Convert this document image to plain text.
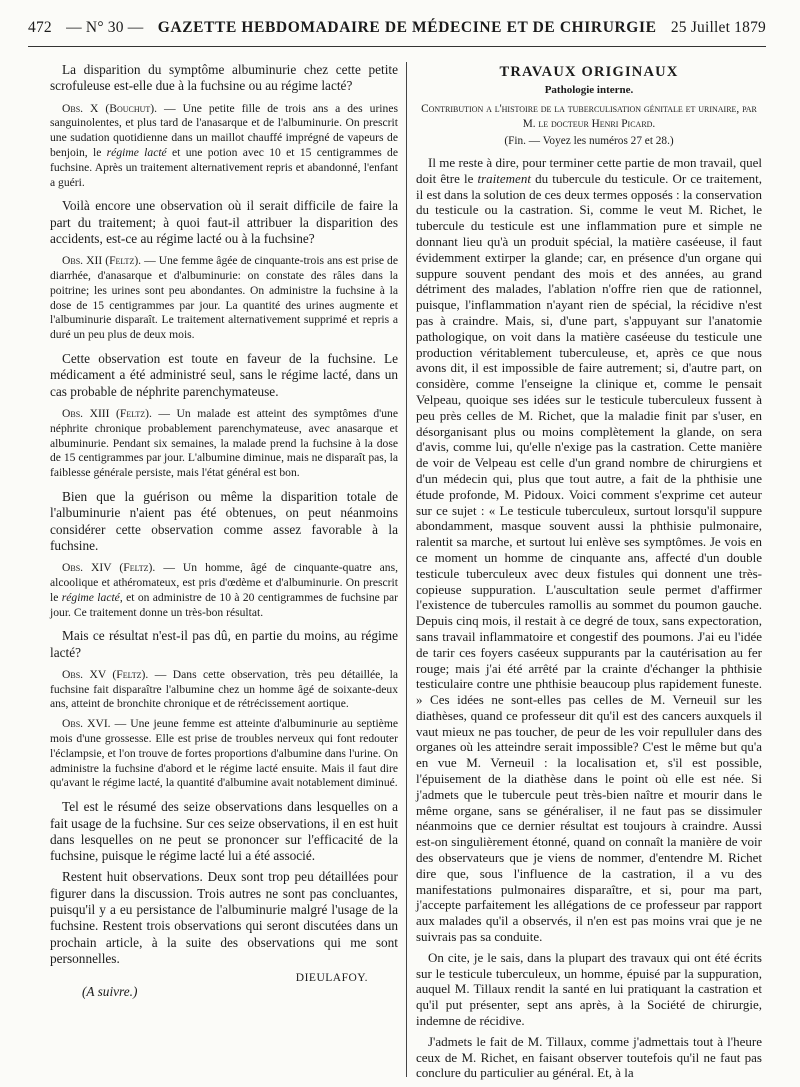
472 — N° 30 — GAZETTE HEBDOMADAIRE DE MÉDECINE ET DE CHIRURGIE 25 Juillet 1879

La disparition du symptôme albuminurie chez cette petite scrofuleuse est-elle due à la fuchsine ou au régime lacté?

Obs. X (Bouchut). — Une petite fille de trois ans a des urines sanguinolentes, et plus tard de l'anasarque et de l'albuminurie. On prescrit une sudation quotidienne dans un maillot chauffé imprégné de vapeurs de benjoin, le régime lacté et une potion avec 10 et 15 centigrammes de fuchsine. Après un traitement alternativement repris et abandonné, l'enfant a guéri.

Voilà encore une observation où il serait difficile de faire la part du traitement; à quoi faut-il attribuer la disparition des accidents, est-ce au régime lacté ou à la fuchsine?

Obs. XII (Feltz). — Une femme âgée de cinquante-trois ans est prise de diarrhée, d'anasarque et d'albuminurie: on constate des râles dans la poitrine; les urines sont peu abondantes. On administre la fuchsine à la dose de 15 centigrammes par jour. La quantité des urines augmente et l'albuminurie disparaît. Le traitement alternativement supprimé et repris a duré un peu plus de deux mois.

Cette observation est toute en faveur de la fuchsine. Le médicament a été administré seul, sans le régime lacté, dans un cas probable de néphrite parenchymateuse.

Obs. XIII (Feltz). — Un malade est atteint des symptômes d'une néphrite chronique probablement parenchymateuse, avec anasarque et albuminurie. Pendant six semaines, la malade prend la fuchsine à la dose de 15 centigrammes par jour. L'albumine diminue, mais ne disparaît pas, la faiblesse générale persiste, mais l'état général est bon.

Bien que la guérison ou même la disparition totale de l'albuminurie n'aient pas été obtenues, on peut néanmoins considérer cette observation comme assez favorable à la fuchsine.

Obs. XIV (Feltz). — Un homme, âgé de cinquante-quatre ans, alcoolique et athéromateux, est pris d'œdème et d'albuminurie. On prescrit le régime lacté, et on administre de 10 à 20 centigrammes de fuchsine par jour. Ce traitement donne un très-bon résultat.

Mais ce résultat n'est-il pas dû, en partie du moins, au régime lacté?

Obs. XV (Feltz). — Dans cette observation, très peu détaillée, la fuchsine fait disparaître l'albumine chez un homme âgé de soixante-deux ans, atteint de bronchite chronique et de rétrécissement aortique.

Obs. XVI. — Une jeune femme est atteinte d'albuminurie au septième mois d'une grossesse. Elle est prise de troubles nerveux qui font redouter l'éclampsie, et l'on trouve de fortes proportions d'albumine dans l'urine. On administre la fuchsine d'abord et le régime lacté ensuite. Mais il faut dire qu'avant le régime lacté, la quantité d'albumine avait notablement diminué.

Tel est le résumé des seize observations dans lesquelles on a fait usage de la fuchsine. Sur ces seize observations, il en est huit dans lesquelles on ne peut se prononcer sur l'efficacité de la fuchsine, puisque le régime lacté lui a été associé.

Restent huit observations. Deux sont trop peu détaillées pour figurer dans la discussion. Trois autres ne sont pas concluantes, puisqu'il y a eu persistance de l'albuminurie malgré l'usage de la fuchsine. Restent trois observations qui seront discutées dans un prochain article, à la suite des observations qui me sont personnelles.

DIEULAFOY.
(A suivre.)
TRAVAUX ORIGINAUX
Pathologie interne.
Contribution a l'histoire de la tuberculisation génitale et urinaire, par M. le docteur Henri Picard.
(Fin. — Voyez les numéros 27 et 28.)

Il me reste à dire, pour terminer cette partie de mon travail, quel doit être le traitement du tubercule du testicule. Or ce traitement, il est dans la solution de ces deux termes opposés : la conservation du testicule ou la castration. Si, comme le veut M. Richet, le tubercule du testicule est une inflammation pure et simple ne donnant lieu qu'à un produit spécial, la matière caséeuse, il faut évidemment extirper la glande; car, en présence d'un organe qui suppure souvent pendant des mois et des années, au grand détriment des malades, l'ablation n'offre rien que de rationnel, puisque, l'inflammation n'ayant rien de spécial, la récidive n'est pas à craindre. Mais, si, d'une part, s'appuyant sur l'anatomie pathologique, on voit dans la matière caséeuse du testicule une production véritablement tuberculeuse, et, après ce que nous avons dit, il est impossible de faire autrement; si, d'autre part, on considère, comme l'enseigne la clinique et, comme le pensait Velpeau, quoique ses idées sur le testicule tuberculeux fussent à peu près celles de M. Richet, que la maladie finit par s'user, en désorganisant plus ou moins complètement la glande, on sera d'avis, comme lui, qu'elle n'exige pas la castration. Cette manière de voir de Velpeau est celle d'un grand nombre de chirurgiens et d'un médecin qui, plus que tout autre, a fait de la phthisie une étude profonde, M. Pidoux. Voici comment s'exprime cet auteur sur ce sujet : « Le testicule tuberculeux, surtout lorsqu'il suppure abondamment, masque souvent aussi la phthisie pulmonaire, ralentit sa marche, et surtout lui enlève ses symptômes. Je vois en ce moment un homme de cinquante ans, affecté d'un double testicule tuberculeux avec deux fistules qui donnent une très-copieuse suppuration. L'auscultation seule permet d'affirmer l'existence de tubercules ramollis au sommet du poumon gauche. Depuis cinq mois, il restait à ce degré de toux, sans expectoration, sans travail inflammatoire et congestif des poumons. J'ai eu l'idée de tarir ces foyers caséeux suppurants par la cautérisation au fer rouge; mais j'ai été arrêté par la crainte d'échanger la phthisie testiculaire contre une phthisie beaucoup plus rapidement funeste. » Ces idées ne sont-elles pas celles de M. Verneuil sur les diathèses, quand ce professeur dit qu'il est des cancers auxquels il vaut mieux ne pas toucher, de peur de les voir repulluler dans des organes où les atteindre serait impossible? C'est le même but qu'a en vue M. Verneuil : la localisation et, s'il est possible, l'épuisement de la diathèse dans le point où elle est née. Si j'admets que le tubercule peut très-bien naître et mourir dans le même organe, sans se généraliser, il ne faut pas se dissimuler néanmoins que ce dernier résultat est toujours à craindre. Aussi est-on singulièrement étonné, quand on connaît la manière de voir des observateurs que je viens de nommer, d'entendre M. Richet dire que, sous l'influence de la castration, il a vu des manifestations pulmonaires disparaître, et si, pour ma part, j'accepte parfaitement les allégations de ce professeur par rapport aux malades qu'il a observés, il n'en est pas moins vrai que je ne suivrais pas sa conduite.

On cite, je le sais, dans la plupart des travaux qui ont été écrits sur le testicule tuberculeux, un homme, épuisé par la suppuration, auquel M. Tillaux rendit la santé en lui pratiquant la castration et qu'il put présenter, sept ans après, à la Société de chirurgie, indemne de récidive.

J'admets le fait de M. Tillaux, comme j'admettais tout à l'heure ceux de M. Richet, en faisant observer toutefois qu'il ne faut pas conclure du particulier au général. Et, à la
